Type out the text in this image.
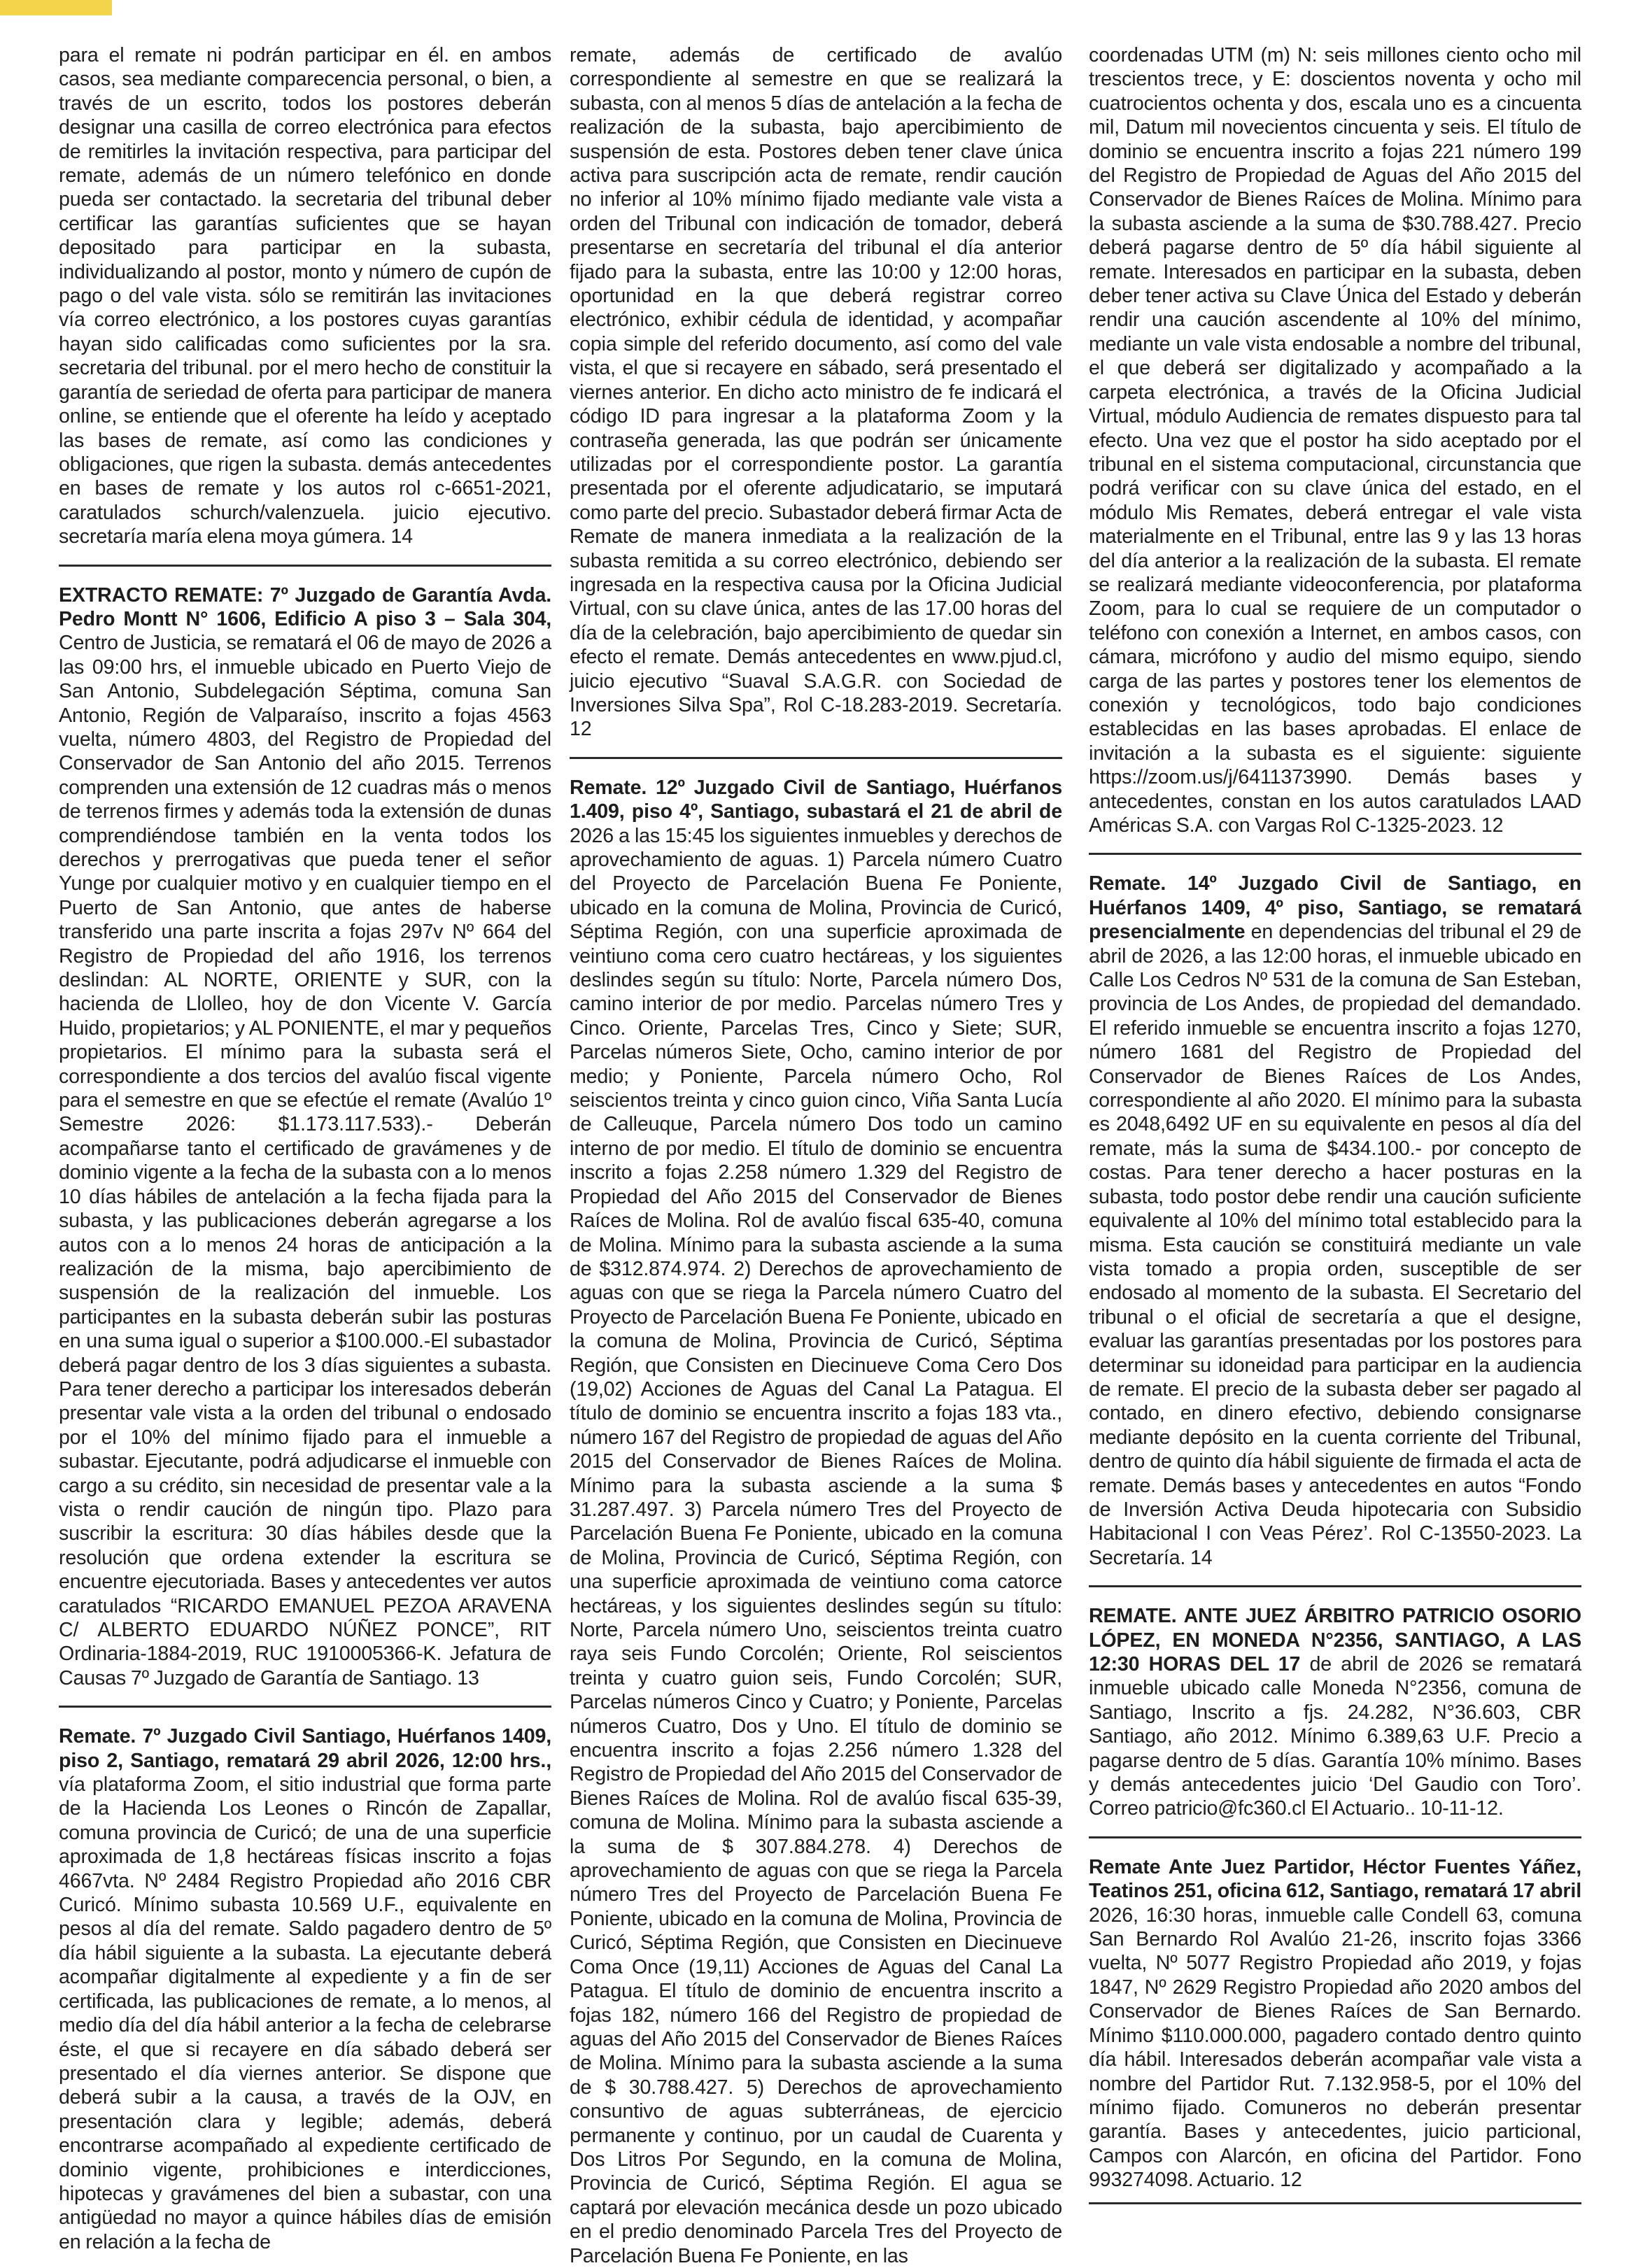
para el remate ni podrán participar en él. en ambos casos, sea mediante comparecencia personal, o bien, a través de un escrito, todos los postores deberán designar una casilla de correo electrónica para efectos de remitirles la invitación respectiva, para participar del remate, además de un número telefónico en donde pueda ser contactado. la secretaria del tribunal deber certificar las garantías suficientes que se hayan depositado para participar en la subasta, individualizando al postor, monto y número de cupón de pago o del vale vista. sólo se remitirán las invitaciones vía correo electrónico, a los postores cuyas garantías hayan sido calificadas como suficientes por la sra. secretaria del tribunal. por el mero hecho de constituir la garantía de seriedad de oferta para participar de manera online, se entiende que el oferente ha leído y aceptado las bases de remate, así como las condiciones y obligaciones, que rigen la subasta. demás antecedentes en bases de remate y los autos rol c-6651-2021, caratulados schurch/valenzuela. juicio ejecutivo. secretaría maría elena moya gúmera. 14

EXTRACTO REMATE: 7º Juzgado de Garantía Avda. Pedro Montt N° 1606, Edificio A piso 3 – Sala 304, Centro de Justicia, se rematará el 06 de mayo de 2026 a las 09:00 hrs, el inmueble ubicado en Puerto Viejo de San Antonio, Subdelegación Séptima, comuna San Antonio, Región de Valparaíso, inscrito a fojas 4563 vuelta, número 4803, del Registro de Propiedad del Conservador de San Antonio del año 2015. Terrenos comprenden una extensión de 12 cuadras más o menos de terrenos firmes y además toda la extensión de dunas comprendiéndose también en la venta todos los derechos y prerrogativas que pueda tener el señor Yunge por cualquier motivo y en cualquier tiempo en el Puerto de San Antonio, que antes de haberse transferido una parte inscrita a fojas 297v Nº 664 del Registro de Propiedad del año 1916, los terrenos deslindan: AL NORTE, ORIENTE y SUR, con la hacienda de Llolleo, hoy de don Vicente V. García Huido, propietarios; y AL PONIENTE, el mar y pequeños propietarios. El mínimo para la subasta será el correspondiente a dos tercios del avalúo fiscal vigente para el semestre en que se efectúe el remate (Avalúo 1º Semestre 2026: $1.173.117.533).- Deberán acompañarse tanto el certificado de gravámenes y de dominio vigente a la fecha de la subasta con a lo menos 10 días hábiles de antelación a la fecha fijada para la subasta, y las publicaciones deberán agregarse a los autos con a lo menos 24 horas de anticipación a la realización de la misma, bajo apercibimiento de suspensión de la realización del inmueble. Los participantes en la subasta deberán subir las posturas en una suma igual o superior a $100.000.-El subastador deberá pagar dentro de los 3 días siguientes a subasta. Para tener derecho a participar los interesados deberán presentar vale vista a la orden del tribunal o endosado por el 10% del mínimo fijado para el inmueble a subastar. Ejecutante, podrá adjudicarse el inmueble con cargo a su crédito, sin necesidad de presentar vale a la vista o rendir caución de ningún tipo. Plazo para suscribir la escritura: 30 días hábiles desde que la resolución que ordena extender la escritura se encuentre ejecutoriada. Bases y antecedentes ver autos caratulados “RICARDO EMANUEL PEZOA ARAVENA C/ ALBERTO EDUARDO NÚÑEZ PONCE”, RIT Ordinaria-1884-2019, RUC 1910005366-K. Jefatura de Causas 7º Juzgado de Garantía de Santiago. 13

Remate. 7º Juzgado Civil Santiago, Huérfanos 1409, piso 2, Santiago, rematará 29 abril 2026, 12:00 hrs., vía plataforma Zoom, el sitio industrial que forma parte de la Hacienda Los Leones o Rincón de Zapallar, comuna provincia de Curicó; de una de una superficie aproximada de 1,8 hectáreas físicas inscrito a fojas 4667vta. Nº 2484 Registro Propiedad año 2016 CBR Curicó. Mínimo subasta 10.569 U.F., equivalente en pesos al día del remate. Saldo pagadero dentro de 5º día hábil siguiente a la subasta. La ejecutante deberá acompañar digitalmente al expediente y a fin de ser certificada, las publicaciones de remate, a lo menos, al medio día del día hábil anterior a la fecha de celebrarse éste, el que si recayere en día sábado deberá ser presentado el día viernes anterior. Se dispone que deberá subir a la causa, a través de la OJV, en presentación clara y legible; además, deberá encontrarse acompañado al expediente certificado de dominio vigente, prohibiciones e interdicciones, hipotecas y gravámenes del bien a subastar, con una antigüedad no mayor a quince hábiles días de emisión en relación a la fecha de

remate, además de certificado de avalúo correspondiente al semestre en que se realizará la subasta, con al menos 5 días de antelación a la fecha de realización de la subasta, bajo apercibimiento de suspensión de esta. Postores deben tener clave única activa para suscripción acta de remate, rendir caución no inferior al 10% mínimo fijado mediante vale vista a orden del Tribunal con indicación de tomador, deberá presentarse en secretaría del tribunal el día anterior fijado para la subasta, entre las 10:00 y 12:00 horas, oportunidad en la que deberá registrar correo electrónico, exhibir cédula de identidad, y acompañar copia simple del referido documento, así como del vale vista, el que si recayere en sábado, será presentado el viernes anterior. En dicho acto ministro de fe indicará el código ID para ingresar a la plataforma Zoom y la contraseña generada, las que podrán ser únicamente utilizadas por el correspondiente postor. La garantía presentada por el oferente adjudicatario, se imputará como parte del precio. Subastador deberá firmar Acta de Remate de manera inmediata a la realización de la subasta remitida a su correo electrónico, debiendo ser ingresada en la respectiva causa por la Oficina Judicial Virtual, con su clave única, antes de las 17.00 horas del día de la celebración, bajo apercibimiento de quedar sin efecto el remate. Demás antecedentes en www.pjud.cl, juicio ejecutivo “Suaval S.A.G.R. con Sociedad de Inversiones Silva Spa”, Rol C-18.283-2019. Secretaría. 12

Remate. 12º Juzgado Civil de Santiago, Huérfanos 1.409, piso 4º, Santiago, subastará el 21 de abril de 2026 a las 15:45 los siguientes inmuebles y derechos de aprovechamiento de aguas. 1) Parcela número Cuatro del Proyecto de Parcelación Buena Fe Poniente, ubicado en la comuna de Molina, Provincia de Curicó, Séptima Región, con una superficie aproximada de veintiuno coma cero cuatro hectáreas, y los siguientes deslindes según su título: Norte, Parcela número Dos, camino interior de por medio. Parcelas número Tres y Cinco. Oriente, Parcelas Tres, Cinco y Siete; SUR, Parcelas números Siete, Ocho, camino interior de por medio; y Poniente, Parcela número Ocho, Rol seiscientos treinta y cinco guion cinco, Viña Santa Lucía de Calleuque, Parcela número Dos todo un camino interno de por medio. El título de dominio se encuentra inscrito a fojas 2.258 número 1.329 del Registro de Propiedad del Año 2015 del Conservador de Bienes Raíces de Molina. Rol de avalúo fiscal 635-40, comuna de Molina. Mínimo para la subasta asciende a la suma de $312.874.974. 2) Derechos de aprovechamiento de aguas con que se riega la Parcela número Cuatro del Proyecto de Parcelación Buena Fe Poniente, ubicado en la comuna de Molina, Provincia de Curicó, Séptima Región, que Consisten en Diecinueve Coma Cero Dos (19,02) Acciones de Aguas del Canal La Patagua. El título de dominio se encuentra inscrito a fojas 183 vta., número 167 del Registro de propiedad de aguas del Año 2015 del Conservador de Bienes Raíces de Molina. Mínimo para la subasta asciende a la suma $ 31.287.497. 3) Parcela número Tres del Proyecto de Parcelación Buena Fe Poniente, ubicado en la comuna de Molina, Provincia de Curicó, Séptima Región, con una superficie aproximada de veintiuno coma catorce hectáreas, y los siguientes deslindes según su título: Norte, Parcela número Uno, seiscientos treinta cuatro raya seis Fundo Corcolén; Oriente, Rol seiscientos treinta y cuatro guion seis, Fundo Corcolén; SUR, Parcelas números Cinco y Cuatro; y Poniente, Parcelas números Cuatro, Dos y Uno. El título de dominio se encuentra inscrito a fojas 2.256 número 1.328 del Registro de Propiedad del Año 2015 del Conservador de Bienes Raíces de Molina. Rol de avalúo fiscal 635-39, comuna de Molina. Mínimo para la subasta asciende a la suma de $ 307.884.278. 4) Derechos de aprovechamiento de aguas con que se riega la Parcela número Tres del Proyecto de Parcelación Buena Fe Poniente, ubicado en la comuna de Molina, Provincia de Curicó, Séptima Región, que Consisten en Diecinueve Coma Once (19,11) Acciones de Aguas del Canal La Patagua. El título de dominio de encuentra inscrito a fojas 182, número 166 del Registro de propiedad de aguas del Año 2015 del Conservador de Bienes Raíces de Molina. Mínimo para la subasta asciende a la suma de $ 30.788.427. 5) Derechos de aprovechamiento consuntivo de aguas subterráneas, de ejercicio permanente y continuo, por un caudal de Cuarenta y Dos Litros Por Segundo, en la comuna de Molina, Provincia de Curicó, Séptima Región. El agua se captará por elevación mecánica desde un pozo ubicado en el predio denominado Parcela Tres del Proyecto de Parcelación Buena Fe Poniente, en las

coordenadas UTM (m) N: seis millones ciento ocho mil trescientos trece, y E: doscientos noventa y ocho mil cuatrocientos ochenta y dos, escala uno es a cincuenta mil, Datum mil novecientos cincuenta y seis. El título de dominio se encuentra inscrito a fojas 221 número 199 del Registro de Propiedad de Aguas del Año 2015 del Conservador de Bienes Raíces de Molina. Mínimo para la subasta asciende a la suma de $30.788.427. Precio deberá pagarse dentro de 5º día hábil siguiente al remate. Interesados en participar en la subasta, deben deber tener activa su Clave Única del Estado y deberán rendir una caución ascendente al 10% del mínimo, mediante un vale vista endosable a nombre del tribunal, el que deberá ser digitalizado y acompañado a la carpeta electrónica, a través de la Oficina Judicial Virtual, módulo Audiencia de remates dispuesto para tal efecto. Una vez que el postor ha sido aceptado por el tribunal en el sistema computacional, circunstancia que podrá verificar con su clave única del estado, en el módulo Mis Remates, deberá entregar el vale vista materialmente en el Tribunal, entre las 9 y las 13 horas del día anterior a la realización de la subasta. El remate se realizará mediante videoconferencia, por plataforma Zoom, para lo cual se requiere de un computador o teléfono con conexión a Internet, en ambos casos, con cámara, micrófono y audio del mismo equipo, siendo carga de las partes y postores tener los elementos de conexión y tecnológicos, todo bajo condiciones establecidas en las bases aprobadas. El enlace de invitación a la subasta es el siguiente: siguiente https://zoom.us/j/6411373990. Demás bases y antecedentes, constan en los autos caratulados LAAD Américas S.A. con Vargas Rol C-1325-2023. 12

Remate. 14º Juzgado Civil de Santiago, en Huérfanos 1409, 4º piso, Santiago, se rematará presencialmente en dependencias del tribunal el 29 de abril de 2026, a las 12:00 horas, el inmueble ubicado en Calle Los Cedros Nº 531 de la comuna de San Esteban, provincia de Los Andes, de propiedad del demandado. El referido inmueble se encuentra inscrito a fojas 1270, número 1681 del Registro de Propiedad del Conservador de Bienes Raíces de Los Andes, correspondiente al año 2020. El mínimo para la subasta es 2048,6492 UF en su equivalente en pesos al día del remate, más la suma de $434.100.- por concepto de costas. Para tener derecho a hacer posturas en la subasta, todo postor debe rendir una caución suficiente equivalente al 10% del mínimo total establecido para la misma. Esta caución se constituirá mediante un vale vista tomado a propia orden, susceptible de ser endosado al momento de la subasta. El Secretario del tribunal o el oficial de secretaría a que el designe, evaluar las garantías presentadas por los postores para determinar su idoneidad para participar en la audiencia de remate. El precio de la subasta deber ser pagado al contado, en dinero efectivo, debiendo consignarse mediante depósito en la cuenta corriente del Tribunal, dentro de quinto día hábil siguiente de firmada el acta de remate. Demás bases y antecedentes en autos “Fondo de Inversión Activa Deuda hipotecaria con Subsidio Habitacional I con Veas Pérez’. Rol C-13550-2023. La Secretaría. 14

REMATE. ANTE JUEZ ÁRBITRO PATRICIO OSORIO LÓPEZ, EN MONEDA N°2356, SANTIAGO, A LAS 12:30 HORAS DEL 17 de abril de 2026 se rematará inmueble ubicado calle Moneda N°2356, comuna de Santiago, Inscrito a fjs. 24.282, N°36.603, CBR Santiago, año 2012. Mínimo 6.389,63 U.F. Precio a pagarse dentro de 5 días. Garantía 10% mínimo. Bases y demás antecedentes juicio ‘Del Gaudio con Toro’. Correo patricio@fc360.cl El Actuario.. 10-11-12.

Remate Ante Juez Partidor, Héctor Fuentes Yáñez, Teatinos 251, oficina 612, Santiago, rematará 17 abril 2026, 16:30 horas, inmueble calle Condell 63, comuna San Bernardo Rol Avalúo 21-26, inscrito fojas 3366 vuelta, Nº 5077 Registro Propiedad año 2019, y fojas 1847, Nº 2629 Registro Propiedad año 2020 ambos del Conservador de Bienes Raíces de San Bernardo. Mínimo $110.000.000, pagadero contado dentro quinto día hábil. Interesados deberán acompañar vale vista a nombre del Partidor Rut. 7.132.958-5, por el 10% del mínimo fijado. Comuneros no deberán presentar garantía. Bases y antecedentes, juicio particional, Campos con Alarcón, en oficina del Partidor. Fono 993274098. Actuario. 12
